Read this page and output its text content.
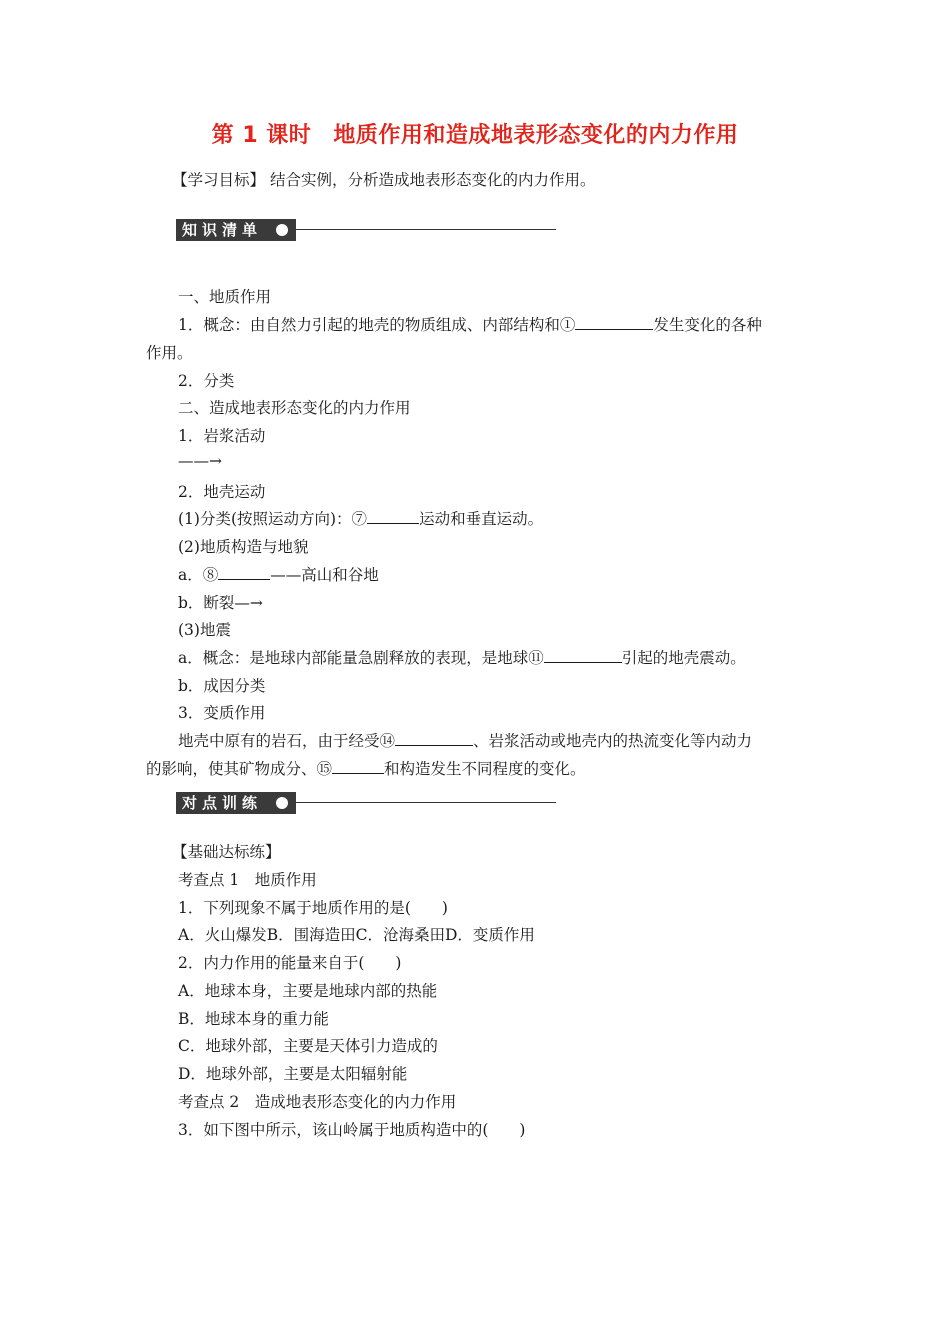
第 1 课时 地质作用和造成地表形态变化的内力作用
【学习目标】 结合实例，分析造成地表形态变化的内力作用。
知识清单
一、地质作用
1．概念：由自然力引起的地壳的物质组成、内部结构和①	发生变化的各种
作用。
2．分类
二、造成地表形态变化的内力作用
1．岩浆活动
——→
2．地壳运动
(1)分类(按照运动方向)：⑦	运动和垂直运动。
(2)地质构造与地貌
a．⑧	——高山和谷地
b．断裂—→
(3)地震
a．概念：是地球内部能量急剧释放的表现，是地球⑪	引起的地壳震动。
b．成因分类
3．变质作用
地壳中原有的岩石，由于经受⑭	、岩浆活动或地壳内的热流变化等内动力
的影响，使其矿物成分、⑮	和构造发生不同程度的变化。
对点训练
【基础达标练】
考查点 1　地质作用
1．下列现象不属于地质作用的是(　　)
A．火山爆发B．围海造田C．沧海桑田D．变质作用
2．内力作用的能量来自于(　　)
A．地球本身，主要是地球内部的热能
B．地球本身的重力能
C．地球外部，主要是天体引力造成的
D．地球外部，主要是太阳辐射能
考查点 2　造成地表形态变化的内力作用
3．如下图中所示，该山岭属于地质构造中的(　　)
